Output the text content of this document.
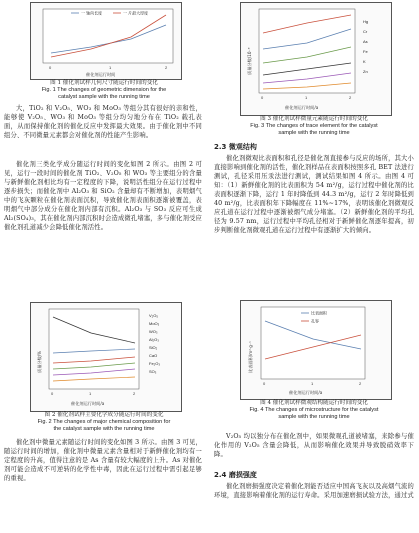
一 轴向长度	一 片最大厚度
0	1	2
催化剂运行时间
图 1 催化剂试样几何尺寸随运行时间的变化
Fig. 1 The changes of geometric dimension for the
catalyst sample with the running time
大，TiO₂ 和 V₂O₅、WO₃ 和 MoO₃ 等组分其有很好的亲和性，能够使 V₂O₅、WO₃ 和 MoO₃ 等组分均匀地分布在 TiO₂ 载孔表面，从而保持催化剂的催化反应中发挥最大效果。由于催化剂中不同组分、不同微量元素都会对催化剂的性能产生影响。
催化剂三类化学成分随运行时间的变化如图 2 所示。由图 2 可见，运行一段时间的催化剂 TiO₂、V₂O₅ 和 WO₃ 等主要组分的含量与新鲜催化剂相比均有一定程度的下降，说明活性组分在运行过程中逐步损失；而催化剂中 Al₂O₃ 和 SiO₂ 含量却有不断增加，表明烟气中的飞灰颗粒在催化剂表面沉积，导致催化剂表面积逐渐被覆盖，表明烟气中部分成分在催化剂内部有沉积。Al₂O₃ 与 SO₃ 反应可生成 Al₂(SO₄)₃，其在催化剂内部沉积时会造成微孔堵塞，多与催化剂受应催化剂孔道减少会降低催化剂活性。
V₂O₅
MoO₃
WO₃
Al₂O₃
SiO₂
CaO
Fe₂O₃
SO₃
0	1	2
催化剂运行时间/a
质量分数/%
图 2 催化剂试样主要化学成分随运行时间的变化
Fig. 2 The changes of major chemical composition for
the catalyst sample with the running time
催化剂中微量元素随运行时间的变化如图 3 所示。由图 3 可见，随运行时间的增加，催化剂中微量元素含量相对于新鲜催化剂均有一定程度的升高，值得注意的是 As 含量有较大幅度的上升。As 对催化剂可能会造成不可逆转的化学性中毒，因此在运行过程中需引起足够的重视。
Hg
Cr
As
Fe
K
Zn
0	1	2
催化剂运行时间/a
质量分数/10⁻⁶
图 3 催化剂试样微量元素随运行时间的变化
Fig. 3 The changes of trace element for the catalyst
sample with the running time
2.3 微观结构
催化剂微观比表面积和孔径是催化剂直接参与反应的场所，其大小直接影响到催化剂的活性，催化剂样品在表面积按照多孔 BET 法进行测试，孔径采用压汞法进行测试，测试结果如图 4 所示。由图 4 可知：（1）新鲜催化剂的比表面积为 54 m²/g，运行过程中催化剂的比表面积逐渐下降，运行 1 年时降低到 44.3 m²/g，运行 2 年时降低到 40 m²/g，比表面积年下降幅度在 11%~17%，表明该催化剂微观反应孔道在运行过程中逐渐被烟气成分堵塞。（2）新鲜催化剂的平均孔径为 9.57 nm，运行过程中平均孔径相对于新鲜催化剂逐年提高，初步判断催化剂微观孔道在运行过程中有逐渐扩大的倾向。
比表面积
孔容
0	1	2
催化剂运行时间/a
比表面积/m²·g⁻¹
图 4 催化剂试样微观结构随运行时间的变化
Fig. 4 The changes of microstructure for the catalyst
sample with the running time
V₂O₅ 均以独分布在催化剂中，如果微观孔道被堵塞，来除参与催化作用的 V₂O₅ 含量会降低，从而影响催化效果并导致脱硝效率下降。
2.4 磨损强度
催化剂磨损强度决定着催化剂能否适应中国高飞灰以及高烟气流的环境，直接影响着催化剂的运行寿命。采用加速磨损试验方法，通过式
